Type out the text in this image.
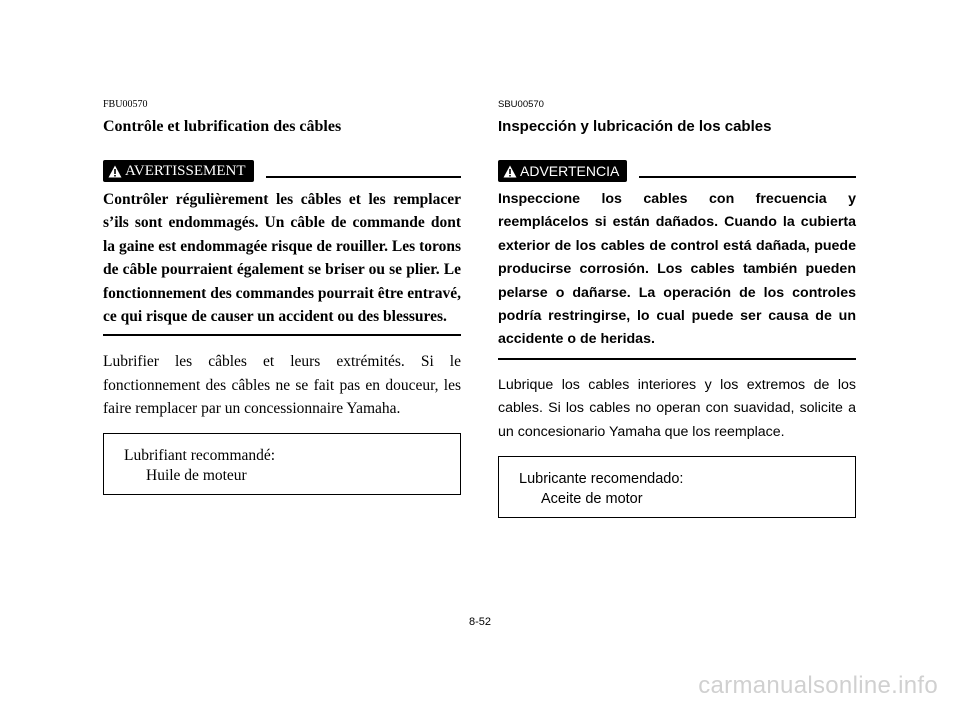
FBU00570
Contrôle et lubrification des câbles
AVERTISSEMENT
Contrôler régulièrement les câbles et les remplacer s’ils sont endommagés. Un câble de commande dont la gaine est endommagée risque de rouiller. Les torons de câble pourraient également se briser ou se plier. Le fonctionnement des commandes pourrait être entravé, ce qui risque de causer un accident ou des blessures.
Lubrifier les câbles et leurs extrémités. Si le fonctionnement des câbles ne se fait pas en douceur, les faire remplacer par un concessionnaire Yamaha.
Lubrifiant recommandé:
Huile de moteur
SBU00570
Inspección y lubricación de los cables
ADVERTENCIA
Inspeccione los cables con frecuencia y reemplácelos si están dañados. Cuando la cubierta exterior de los cables de control está dañada, puede producirse corrosión. Los cables también pueden pelarse o dañarse. La operación de los controles podría restringirse, lo cual puede ser causa de un accidente o de heridas.
Lubrique los cables interiores y los extremos de los cables. Si los cables no operan con suavidad, solicite a un concesionario Yamaha que los reemplace.
Lubricante recomendado:
Aceite de motor
8-52
carmanualsonline.info
